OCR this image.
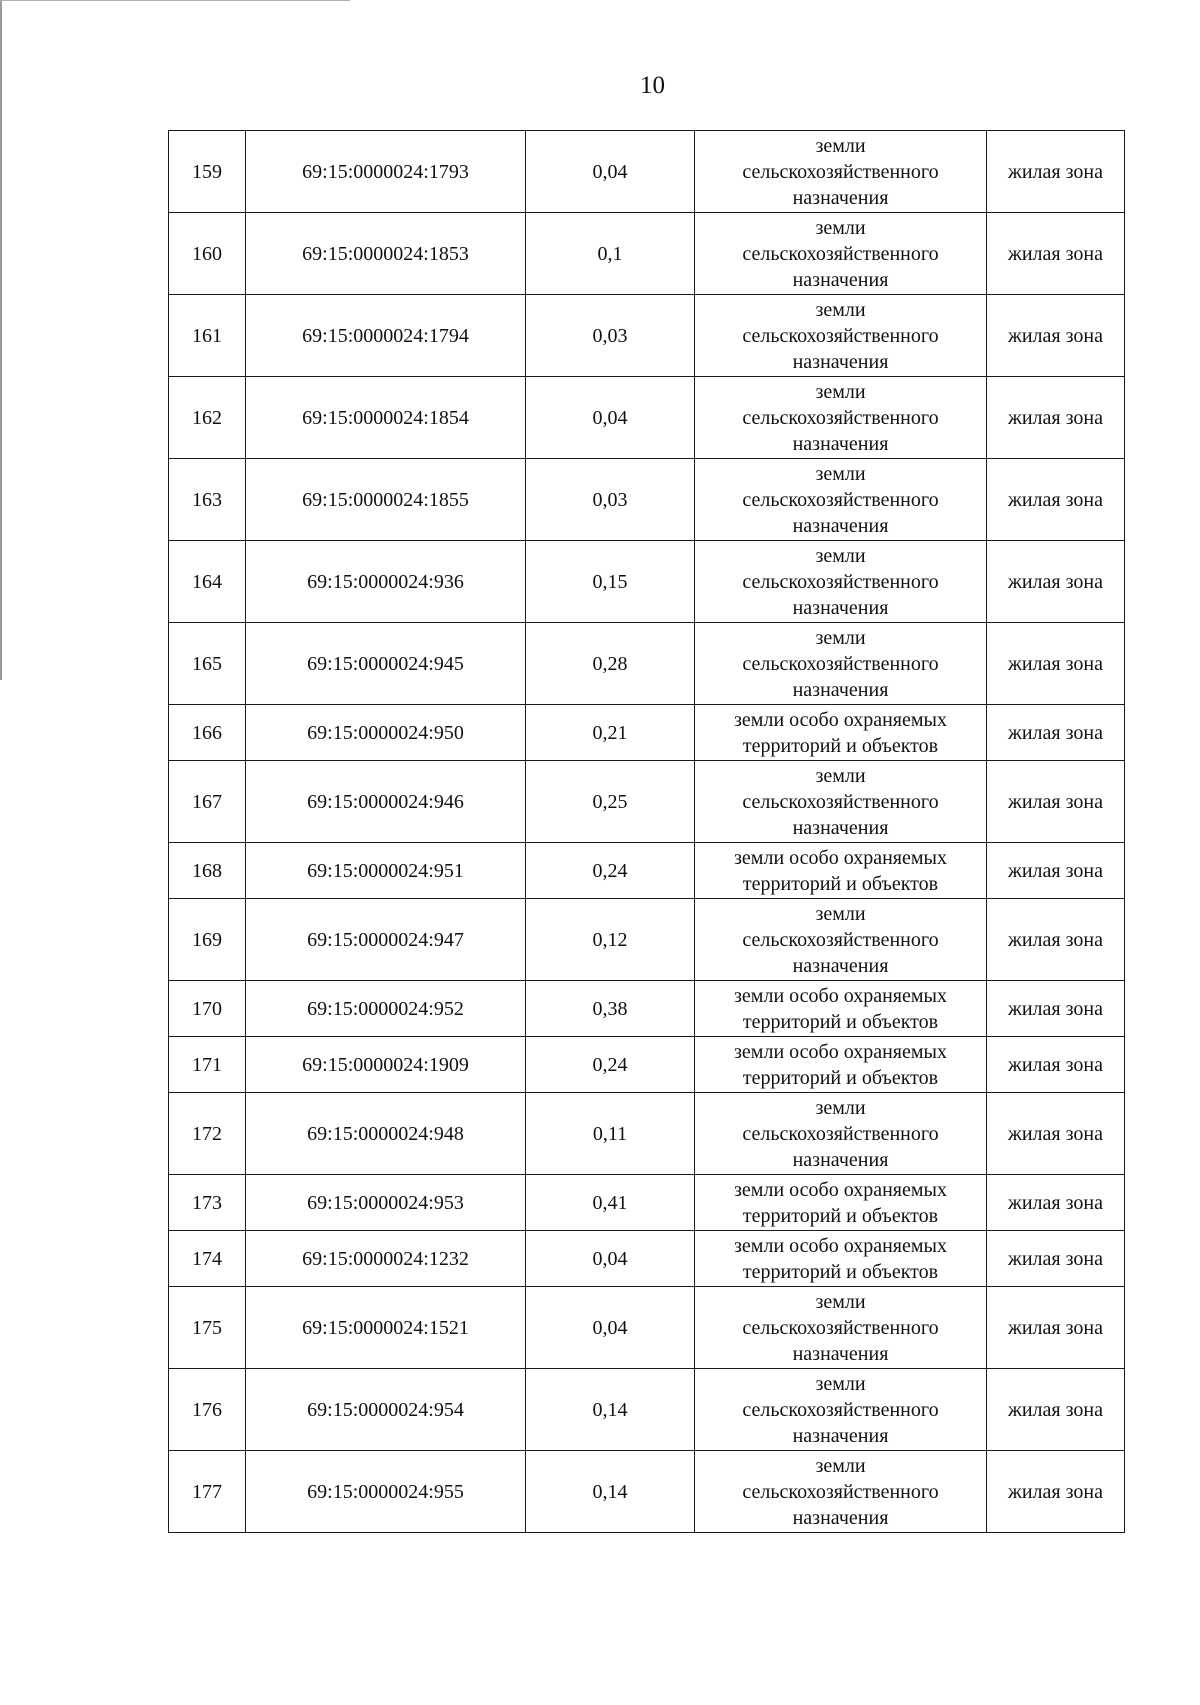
10
159	69:15:0000024:1793	0,04	земли
сельскохозяйственного
назначения	жилая зона
160	69:15:0000024:1853	0,1	земли
сельскохозяйственного
назначения	жилая зона
161	69:15:0000024:1794	0,03	земли
сельскохозяйственного
назначения	жилая зона
162	69:15:0000024:1854	0,04	земли
сельскохозяйственного
назначения	жилая зона
163	69:15:0000024:1855	0,03	земли
сельскохозяйственного
назначения	жилая зона
164	69:15:0000024:936	0,15	земли
сельскохозяйственного
назначения	жилая зона
165	69:15:0000024:945	0,28	земли
сельскохозяйственного
назначения	жилая зона
166	69:15:0000024:950	0,21	земли особо охраняемых
территорий и объектов	жилая зона
167	69:15:0000024:946	0,25	земли
сельскохозяйственного
назначения	жилая зона
168	69:15:0000024:951	0,24	земли особо охраняемых
территорий и объектов	жилая зона
169	69:15:0000024:947	0,12	земли
сельскохозяйственного
назначения	жилая зона
170	69:15:0000024:952	0,38	земли особо охраняемых
территорий и объектов	жилая зона
171	69:15:0000024:1909	0,24	земли особо охраняемых
территорий и объектов	жилая зона
172	69:15:0000024:948	0,11	земли
сельскохозяйственного
назначения	жилая зона
173	69:15:0000024:953	0,41	земли особо охраняемых
территорий и объектов	жилая зона
174	69:15:0000024:1232	0,04	земли особо охраняемых
территорий и объектов	жилая зона
175	69:15:0000024:1521	0,04	земли
сельскохозяйственного
назначения	жилая зона
176	69:15:0000024:954	0,14	земли
сельскохозяйственного
назначения	жилая зона
177	69:15:0000024:955	0,14	земли
сельскохозяйственного
назначения	жилая зона
